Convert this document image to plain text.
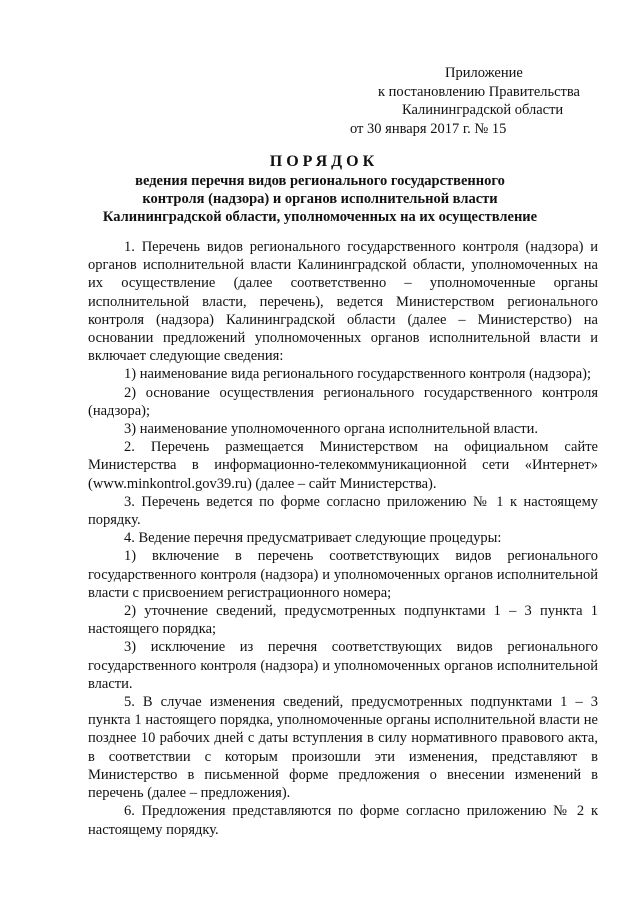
Приложение
к постановлению Правительства
Калининградской области
от 30 января 2017 г. № 15
ПОРЯДОК
ведения перечня видов регионального государственного
контроля (надзора) и органов исполнительной власти
Калининградской области, уполномоченных на их осуществление

1. Перечень видов регионального государственного контроля (надзора) и органов исполнительной власти Калининградской области, уполномоченных на их осуществление (далее соответственно – уполномоченные органы исполнительной власти, перечень), ведется Министерством регионального контроля (надзора) Калининградской области (далее – Министерство) на основании предложений уполномоченных органов исполнительной власти и включает следующие сведения:

1) наименование вида регионального государственного контроля (надзора);

2) основание осуществления регионального государственного контроля (надзора);

3) наименование уполномоченного органа исполнительной власти.

2. Перечень размещается Министерством на официальном сайте Министерства в информационно-телекоммуникационной сети «Интернет» (www.minkontrol.gov39.ru) (далее – сайт Министерства).

3. Перечень ведется по форме согласно приложению № 1 к настоящему порядку.

4. Ведение перечня предусматривает следующие процедуры:

1) включение в перечень соответствующих видов регионального государственного контроля (надзора) и уполномоченных органов исполнительной власти с присвоением регистрационного номера;

2) уточнение сведений, предусмотренных подпунктами 1 – 3 пункта 1 настоящего порядка;

3) исключение из перечня соответствующих видов регионального государственного контроля (надзора) и уполномоченных органов исполнительной власти.

5. В случае изменения сведений, предусмотренных подпунктами 1 – 3 пункта 1 настоящего порядка, уполномоченные органы исполнительной власти не позднее 10 рабочих дней с даты вступления в силу нормативного правового акта, в соответствии с которым произошли эти изменения, представляют в Министерство в письменной форме предложения о внесении изменений в перечень (далее – предложения).

6. Предложения представляются по форме согласно приложению № 2 к настоящему порядку.
